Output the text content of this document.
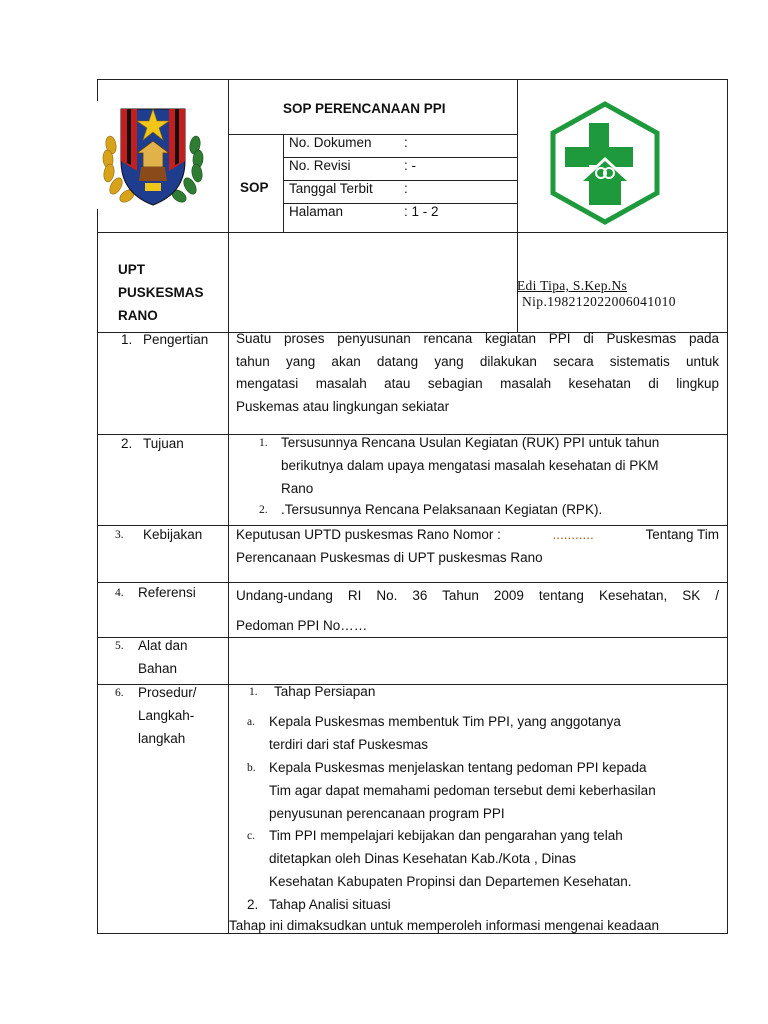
SOP PERENCANAAN PPI
SOP
No. Dokumen :
No. Revisi	: -
Tanggal Terbit :
Halaman	: 1 - 2
UPT
PUSKESMAS
RANO
Edi Tipa, S.Kep.Ns
Nip.198212022006041010
1. Pengertian Suatu proses penyusunan rencana kegiatan PPI di Puskesmas pada
tahun yang akan datang yang dilakukan secara sistematis untuk
mengatasi masalah atau sebagian masalah kesehatan di lingkup
Puskemas atau lingkungan sekiatar
2. Tujuan	1. Tersusunnya Rencana Usulan Kegiatan (RUK) PPI untuk tahun
berikutnya dalam upaya mengatasi masalah kesehatan di PKM
Rano
2. .Tersusunnya Rencana Pelaksanaan Kegiatan (RPK).
3. Kebijakan Keputusan UPTD puskesmas Rano Nomor :	...........	Tentang Tim
Perencanaan Puskesmas di UPT puskesmas Rano
4. Referensi	Undang-undang RI No. 36 Tahun 2009 tentang Kesehatan, SK /
Pedoman PPI No……
5. Alat dan
Bahan
6. Prosedur/
Langkah-
langkah
1. Tahap Persiapan
a. Kepala Puskesmas membentuk Tim PPI, yang anggotanya
terdiri dari staf Puskesmas
b. Kepala Puskesmas menjelaskan tentang pedoman PPI kepada
Tim agar dapat memahami pedoman tersebut demi keberhasilan
penyusunan perencanaan program PPI
c. Tim PPI mempelajari kebijakan dan pengarahan yang telah
ditetapkan oleh Dinas Kesehatan Kab./Kota , Dinas
Kesehatan Kabupaten Propinsi dan Departemen Kesehatan.
2. Tahap Analisi situasi
Tahap ini dimaksudkan untuk memperoleh informasi mengenai keadaan
